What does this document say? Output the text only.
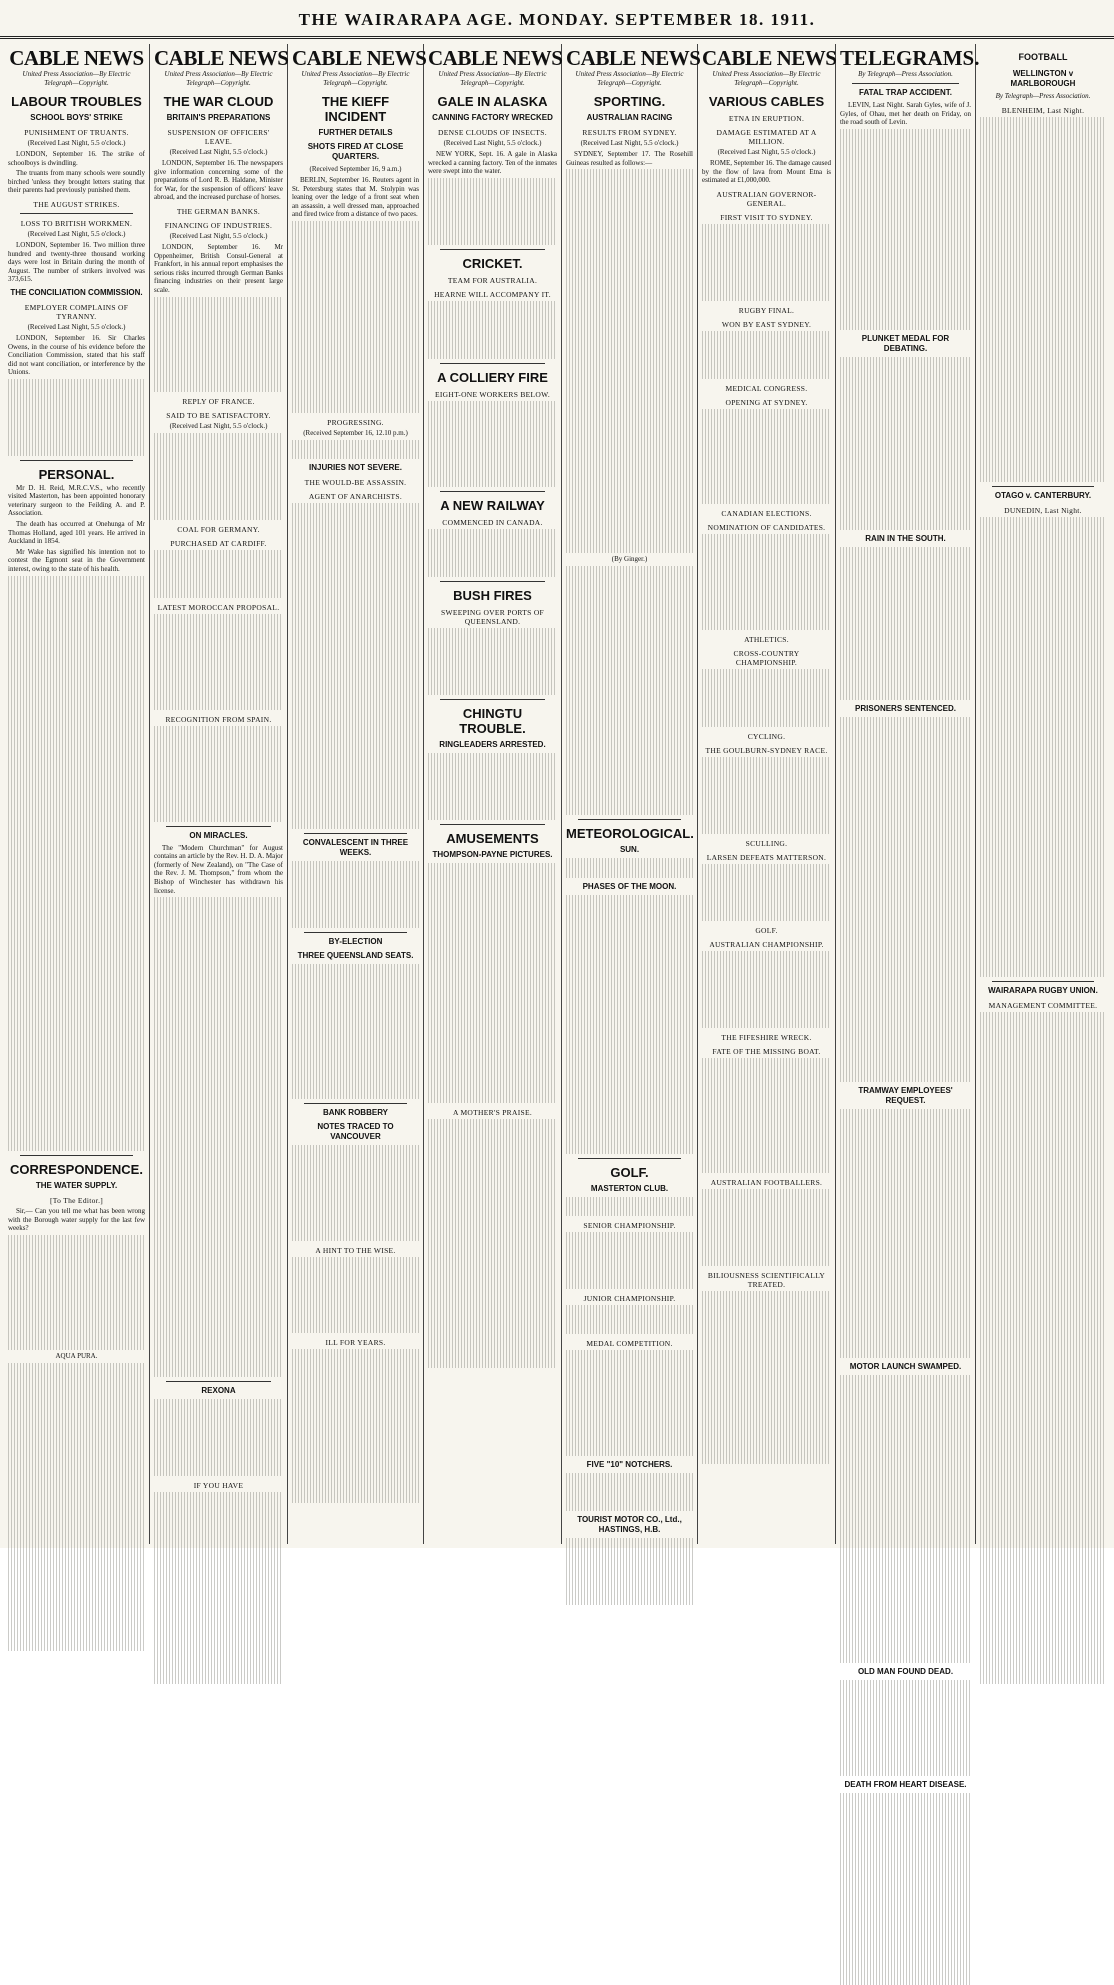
THE WAIRARAPA AGE. MONDAY. SEPTEMBER 18. 1911.
CABLE NEWS
United Press Association—By Electric Telegraph—Copyright.
LABOUR TROUBLES
SCHOOL BOYS' STRIKE
PUNISHMENT OF TRUANTS.
(Received Last Night, 5.5 o'clock.)
LONDON, September 16. The strike of schoolboys is dwindling.
The truants from many schools were soundly birched 'unless they brought letters stating that their parents had previously punished them.
THE AUGUST STRIKES.
LOSS TO BRITISH WORKMEN.
(Received Last Night, 5.5 o'clock.)
LONDON, September 16. Two million three hundred and twenty-three thousand working days were lost in Britain during the month of August. The number of strikers involved was 373,615.
THE CONCILIATION COMMISSION.
EMPLOYER COMPLAINS OF TYRANNY.
(Received Last Night, 5.5 o'clock.)
LONDON, September 16. Sir Charles Owens, in the course of his evidence before the Conciliation Commission, stated that his staff did not want conciliation, or interference by the Unions.
PERSONAL.
Mr D. H. Reid, M.R.C.V.S., who recently visited Masterton, has been appointed honorary veterinary surgeon to the Feilding A. and P. Association.
The death has occurred at Onehunga of Mr Thomas Holland, aged 101 years. He arrived in Auckland in 1854.
Mr Wake has signified his intention not to contest the Egmont seat in the Government interest, owing to the state of his health.
CORRESPONDENCE.
THE WATER SUPPLY.
[To The Editor.]
Sir,— Can you tell me what has been wrong with the Borough water supply for the last few weeks?
AQUA PURA.
CABLE NEWS
United Press Association—By Electric Telegraph—Copyright.
THE WAR CLOUD
BRITAIN'S PREPARATIONS
SUSPENSION OF OFFICERS' LEAVE.
(Received Last Night, 5.5 o'clock.)
LONDON, September 16. The newspapers give information concerning some of the preparations of Lord R. B. Haldane, Minister for War, for the suspension of officers' leave abroad, and the increased purchase of horses.
THE GERMAN BANKS.
FINANCING OF INDUSTRIES.
(Received Last Night, 5.5 o'clock.)
LONDON, September 16. Mr Oppenheimer, British Consul-General at Frankfort, in his annual report emphasises the serious risks incurred through German Banks financing industries on their present large scale.
REPLY OF FRANCE.
SAID TO BE SATISFACTORY.
(Received Last Night, 5.5 o'clock.)
COAL FOR GERMANY.
PURCHASED AT CARDIFF.
LATEST MOROCCAN PROPOSAL.
RECOGNITION FROM SPAIN.
ON MIRACLES.
The "Modern Churchman" for August contains an article by the Rev. H. D. A. Major (formerly of New Zealand), on "The Case of the Rev. J. M. Thompson," from whom the Bishop of Winchester has withdrawn his license.
REXONA
IF YOU HAVE
CABLE NEWS
United Press Association—By Electric Telegraph—Copyright.
THE KIEFF INCIDENT
FURTHER DETAILS
SHOTS FIRED AT CLOSE QUARTERS.
(Received September 16, 9 a.m.)
BERLIN, September 16. Reuters agent in St. Petersburg states that M. Stolypin was leaning over the ledge of a front seat when an assassin, a well dressed man, approached and fired twice from a distance of two paces.
PROGRESSING.
(Received September 16, 12.10 p.m.)
INJURIES NOT SEVERE.
THE WOULD-BE ASSASSIN.
AGENT OF ANARCHISTS.
CONVALESCENT IN THREE WEEKS.
BY-ELECTION
THREE QUEENSLAND SEATS.
BANK ROBBERY
NOTES TRACED TO VANCOUVER
A HINT TO THE WISE.
ILL FOR YEARS.
CABLE NEWS
United Press Association—By Electric Telegraph—Copyright.
GALE IN ALASKA
CANNING FACTORY WRECKED
DENSE CLOUDS OF INSECTS.
(Received Last Night, 5.5 o'clock.)
NEW YORK, Sept. 16. A gale in Alaska wrecked a canning factory. Ten of the inmates were swept into the water.
CRICKET.
TEAM FOR AUSTRALIA.
HEARNE WILL ACCOMPANY IT.
A COLLIERY FIRE
EIGHT-ONE WORKERS BELOW.
A NEW RAILWAY
COMMENCED IN CANADA.
BUSH FIRES
SWEEPING OVER PORTS OF QUEENSLAND.
CHINGTU TROUBLE.
RINGLEADERS ARRESTED.
AMUSEMENTS
THOMPSON-PAYNE PICTURES.
A MOTHER'S PRAISE.
CABLE NEWS
United Press Association—By Electric Telegraph—Copyright.
SPORTING.
AUSTRALIAN RACING
RESULTS FROM SYDNEY.
(Received Last Night, 5.5 o'clock.)
SYDNEY, September 17. The Rosehill Guineas resulted as follows:—
(By Ginger.)
METEOROLOGICAL.
SUN.
PHASES OF THE MOON.
GOLF.
MASTERTON CLUB.
SENIOR CHAMPIONSHIP.
JUNIOR CHAMPIONSHIP.
MEDAL COMPETITION.
FIVE "10" NOTCHERS.
TOURIST MOTOR CO., Ltd., HASTINGS, H.B.
CABLE NEWS
United Press Association—By Electric Telegraph—Copyright.
VARIOUS CABLES
ETNA IN ERUPTION.
DAMAGE ESTIMATED AT A MILLION.
(Received Last Night, 5.5 o'clock.)
ROME, September 16. The damage caused by the flow of lava from Mount Etna is estimated at £1,000,000.
AUSTRALIAN GOVERNOR-GENERAL.
FIRST VISIT TO SYDNEY.
RUGBY FINAL.
WON BY EAST SYDNEY.
MEDICAL CONGRESS.
OPENING AT SYDNEY.
CANADIAN ELECTIONS.
NOMINATION OF CANDIDATES.
ATHLETICS.
CROSS-COUNTRY CHAMPIONSHIP.
CYCLING.
THE GOULBURN-SYDNEY RACE.
SCULLING.
LARSEN DEFEATS MATTERSON.
GOLF.
AUSTRALIAN CHAMPIONSHIP.
THE FIFESHIRE WRECK.
FATE OF THE MISSING BOAT.
AUSTRALIAN FOOTBALLERS.
BILIOUSNESS SCIENTIFICALLY TREATED.
TELEGRAMS.
By Telegraph—Press Association.
FATAL TRAP ACCIDENT.
LEVIN, Last Night. Sarah Gyles, wife of J. Gyles, of Ohau, met her death on Friday, on the road south of Levin.
PLUNKET MEDAL FOR DEBATING.
RAIN IN THE SOUTH.
PRISONERS SENTENCED.
TRAMWAY EMPLOYEES' REQUEST.
MOTOR LAUNCH SWAMPED.
OLD MAN FOUND DEAD.
DEATH FROM HEART DISEASE.
FOOTBALL
WELLINGTON v MARLBOROUGH
By Telegraph—Press Association.
BLENHEIM, Last Night.
OTAGO v. CANTERBURY.
DUNEDIN, Last Night.
WAIRARAPA RUGBY UNION.
MANAGEMENT COMMITTEE.
